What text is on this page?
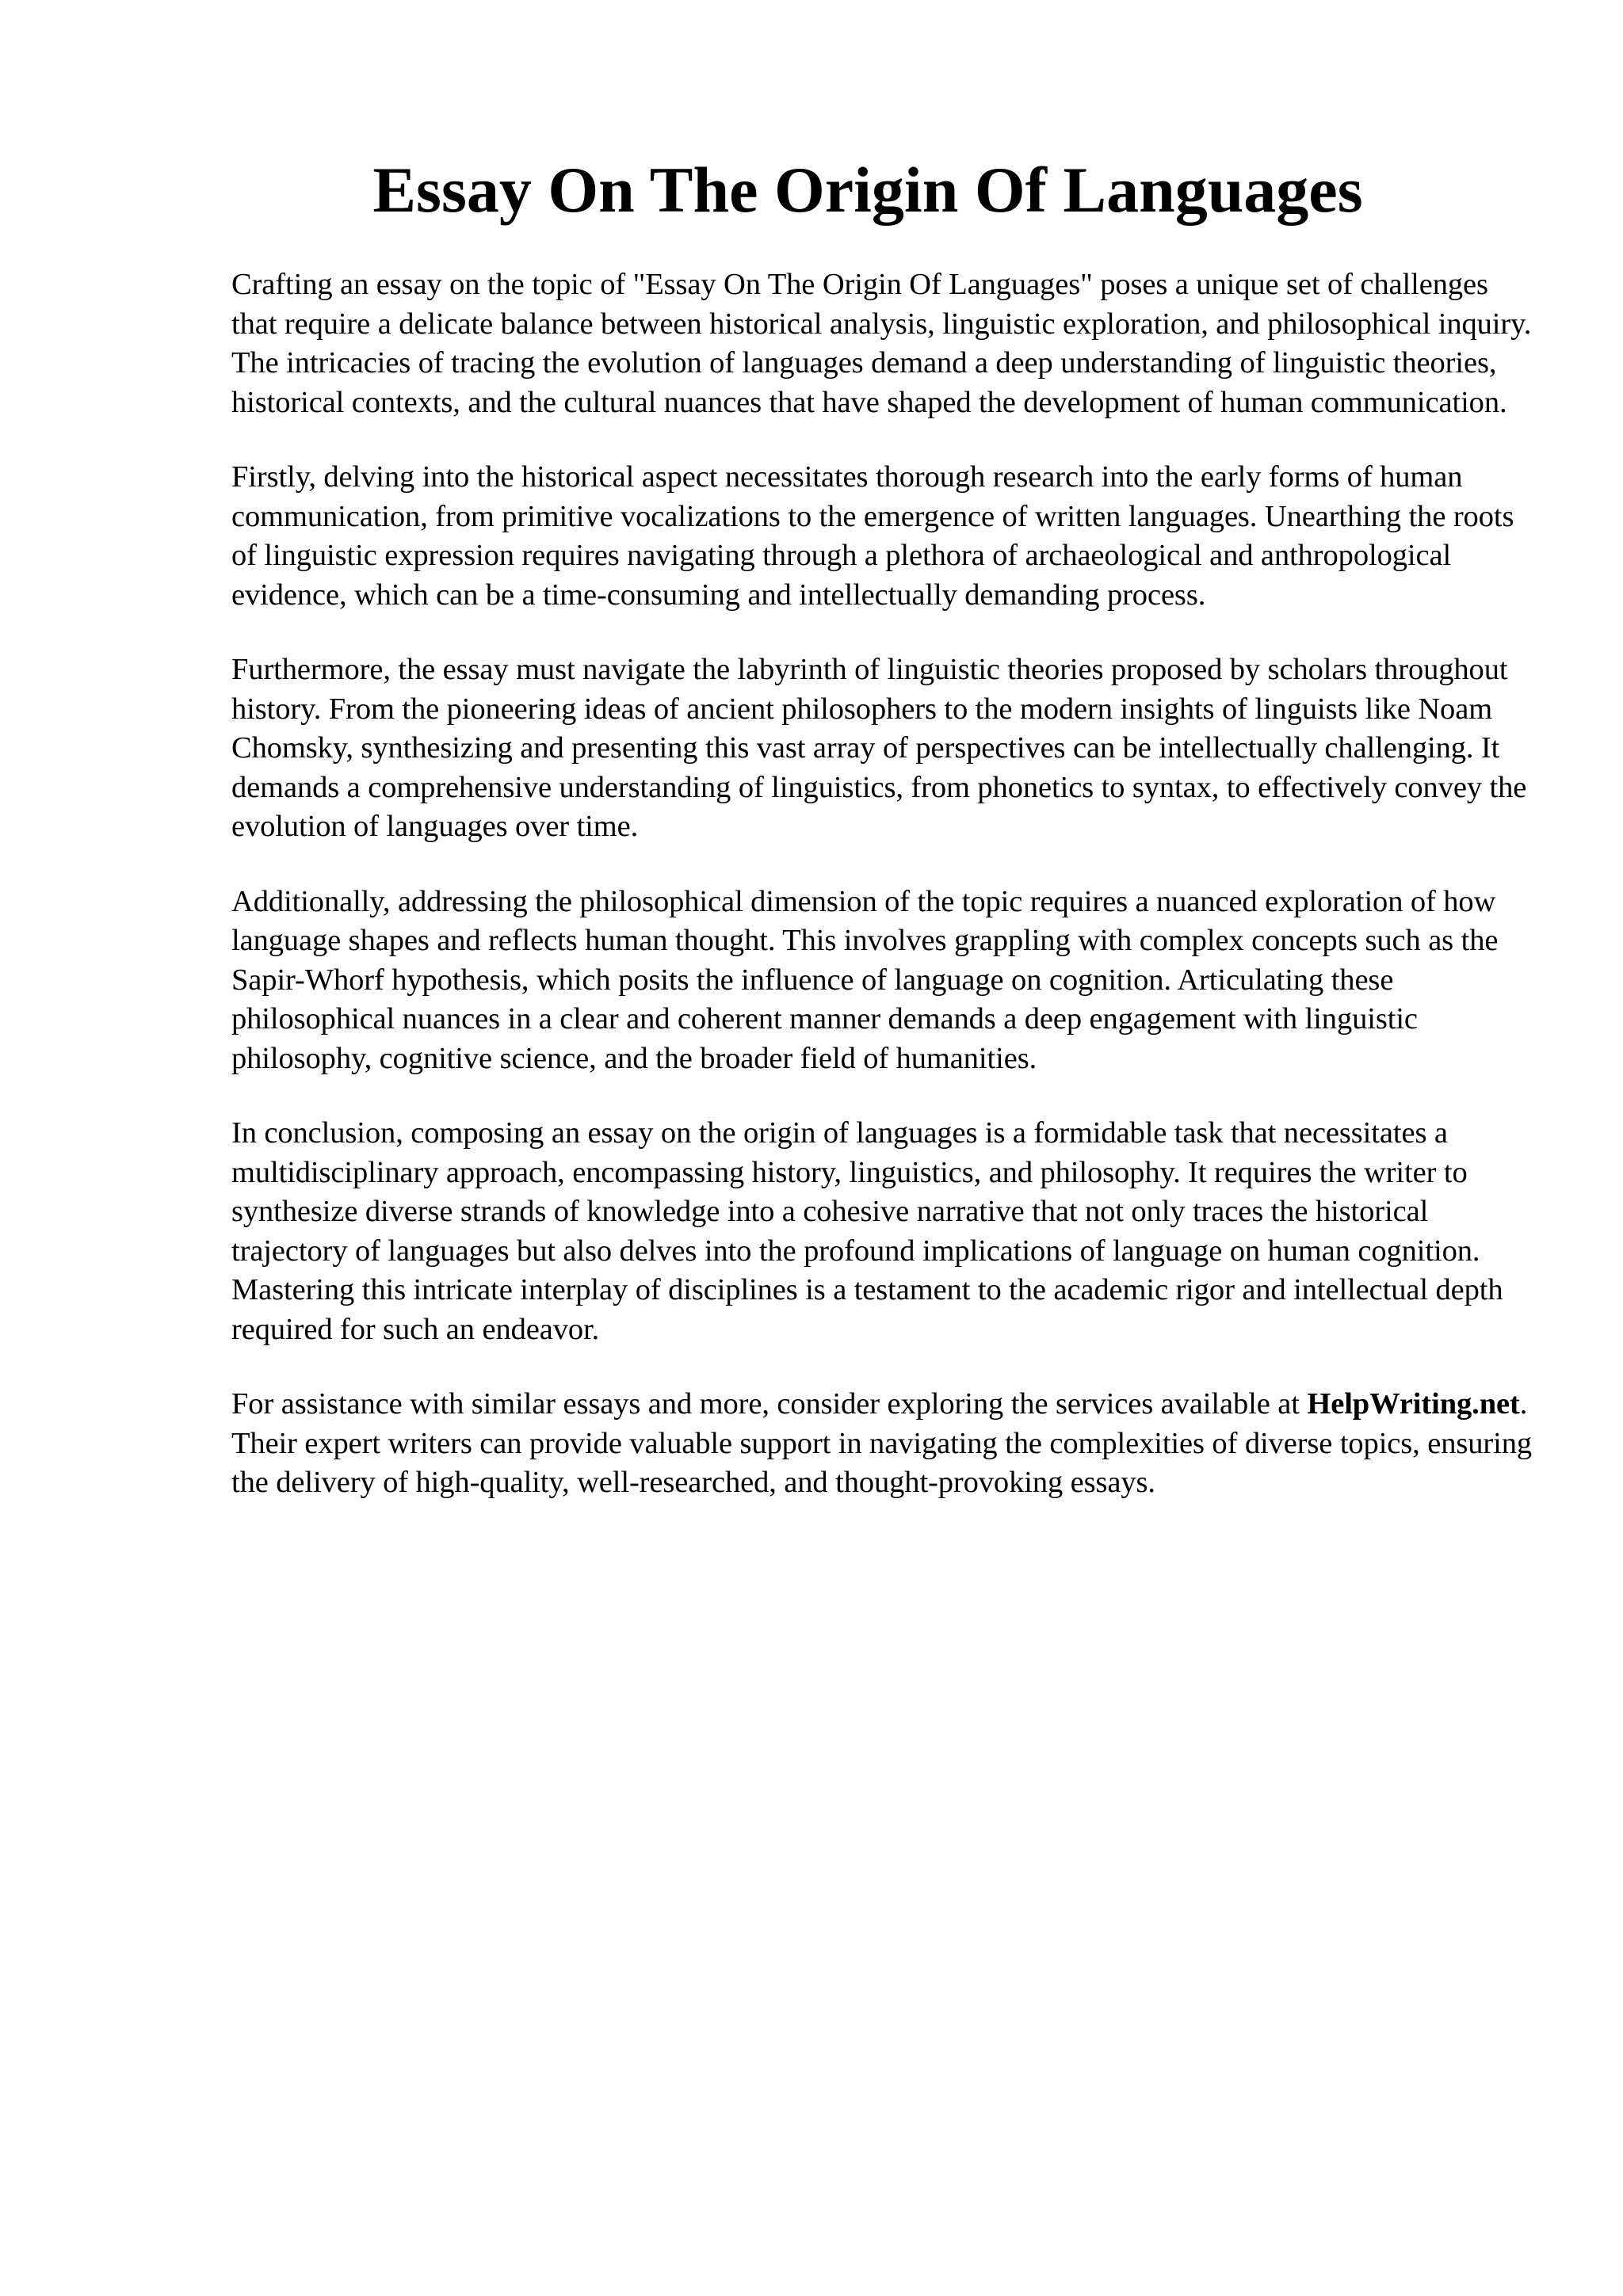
Essay On The Origin Of Languages

Crafting an essay on the topic of "Essay On The Origin Of Languages" poses a unique set of challenges that require a delicate balance between historical analysis, linguistic exploration, and philosophical inquiry. The intricacies of tracing the evolution of languages demand a deep understanding of linguistic theories, historical contexts, and the cultural nuances that have shaped the development of human communication.

Firstly, delving into the historical aspect necessitates thorough research into the early forms of human communication, from primitive vocalizations to the emergence of written languages. Unearthing the roots of linguistic expression requires navigating through a plethora of archaeological and anthropological evidence, which can be a time-consuming and intellectually demanding process.

Furthermore, the essay must navigate the labyrinth of linguistic theories proposed by scholars throughout history. From the pioneering ideas of ancient philosophers to the modern insights of linguists like Noam Chomsky, synthesizing and presenting this vast array of perspectives can be intellectually challenging. It demands a comprehensive understanding of linguistics, from phonetics to syntax, to effectively convey the evolution of languages over time.

Additionally, addressing the philosophical dimension of the topic requires a nuanced exploration of how language shapes and reflects human thought. This involves grappling with complex concepts such as the Sapir-Whorf hypothesis, which posits the influence of language on cognition. Articulating these philosophical nuances in a clear and coherent manner demands a deep engagement with linguistic philosophy, cognitive science, and the broader field of humanities.

In conclusion, composing an essay on the origin of languages is a formidable task that necessitates a multidisciplinary approach, encompassing history, linguistics, and philosophy. It requires the writer to synthesize diverse strands of knowledge into a cohesive narrative that not only traces the historical trajectory of languages but also delves into the profound implications of language on human cognition. Mastering this intricate interplay of disciplines is a testament to the academic rigor and intellectual depth required for such an endeavor.

For assistance with similar essays and more, consider exploring the services available at HelpWriting.net. Their expert writers can provide valuable support in navigating the complexities of diverse topics, ensuring the delivery of high-quality, well-researched, and thought-provoking essays.
